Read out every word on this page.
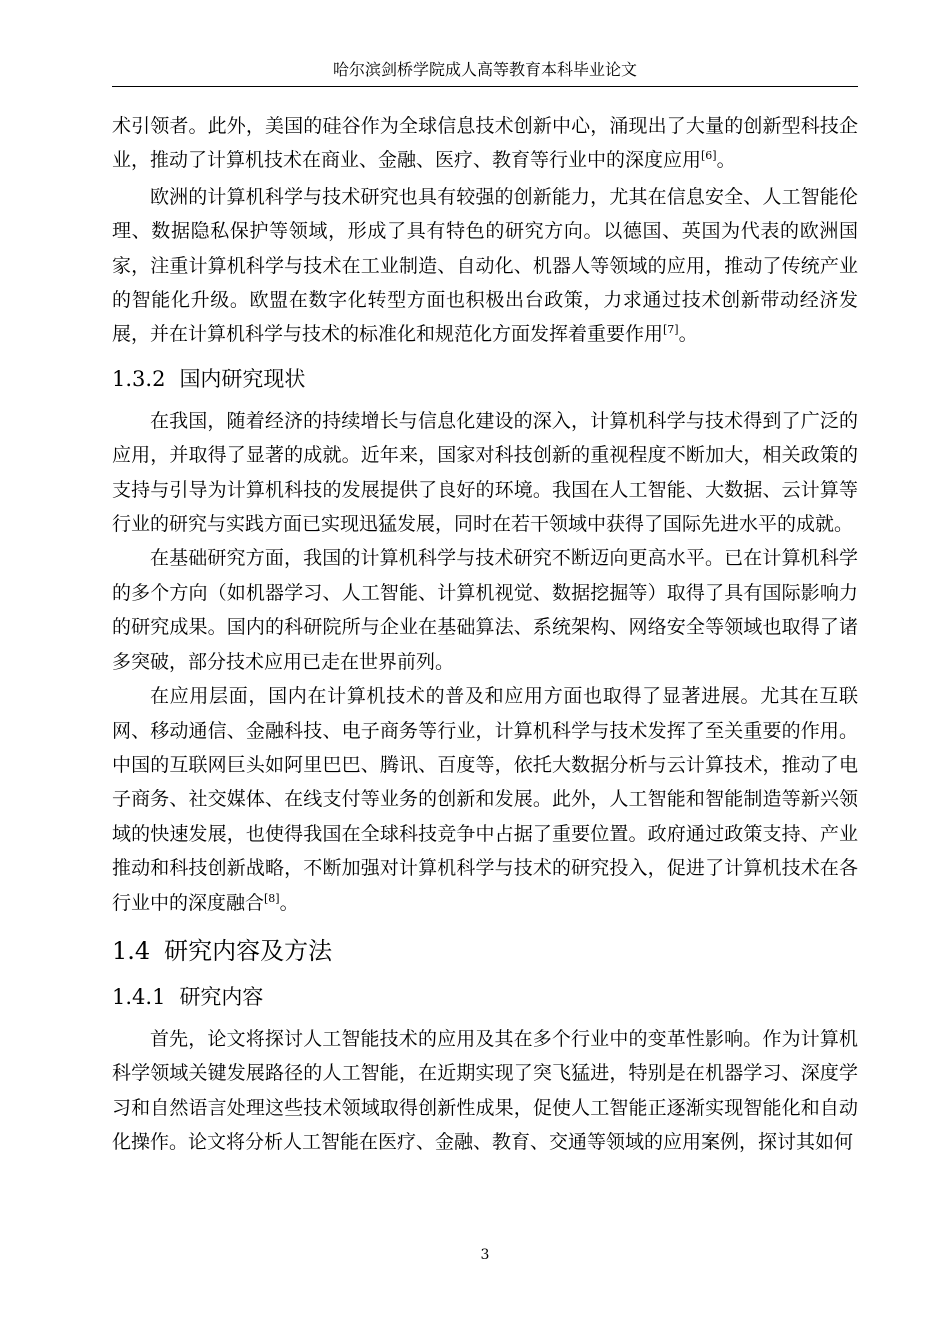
哈尔滨剑桥学院成人高等教育本科毕业论文

术引领者。此外，美国的硅谷作为全球信息技术创新中心，涌现出了大量的创新型科技企业，推动了计算机技术在商业、金融、医疗、教育等行业中的深度应用[6]。

欧洲的计算机科学与技术研究也具有较强的创新能力，尤其在信息安全、人工智能伦理、数据隐私保护等领域，形成了具有特色的研究方向。以德国、英国为代表的欧洲国家，注重计算机科学与技术在工业制造、自动化、机器人等领域的应用，推动了传统产业的智能化升级。欧盟在数字化转型方面也积极出台政策，力求通过技术创新带动经济发展，并在计算机科学与技术的标准化和规范化方面发挥着重要作用[7]。

1.3.2 国内研究现状

在我国，随着经济的持续增长与信息化建设的深入，计算机科学与技术得到了广泛的应用，并取得了显著的成就。近年来，国家对科技创新的重视程度不断加大，相关政策的支持与引导为计算机科技的发展提供了良好的环境。我国在人工智能、大数据、云计算等行业的研究与实践方面已实现迅猛发展，同时在若干领域中获得了国际先进水平的成就。

在基础研究方面，我国的计算机科学与技术研究不断迈向更高水平。已在计算机科学的多个方向（如机器学习、人工智能、计算机视觉、数据挖掘等）取得了具有国际影响力的研究成果。国内的科研院所与企业在基础算法、系统架构、网络安全等领域也取得了诸多突破，部分技术应用已走在世界前列。

在应用层面，国内在计算机技术的普及和应用方面也取得了显著进展。尤其在互联网、移动通信、金融科技、电子商务等行业，计算机科学与技术发挥了至关重要的作用。中国的互联网巨头如阿里巴巴、腾讯、百度等，依托大数据分析与云计算技术，推动了电子商务、社交媒体、在线支付等业务的创新和发展。此外，人工智能和智能制造等新兴领域的快速发展，也使得我国在全球科技竞争中占据了重要位置。政府通过政策支持、产业推动和科技创新战略，不断加强对计算机科学与技术的研究投入，促进了计算机技术在各行业中的深度融合[8]。

1.4 研究内容及方法
1.4.1 研究内容

首先，论文将探讨人工智能技术的应用及其在多个行业中的变革性影响。作为计算机科学领域关键发展路径的人工智能，在近期实现了突飞猛进，特别是在机器学习、深度学习和自然语言处理这些技术领域取得创新性成果，促使人工智能正逐渐实现智能化和自动化操作。论文将分析人工智能在医疗、金融、教育、交通等领域的应用案例，探讨其如何

3
